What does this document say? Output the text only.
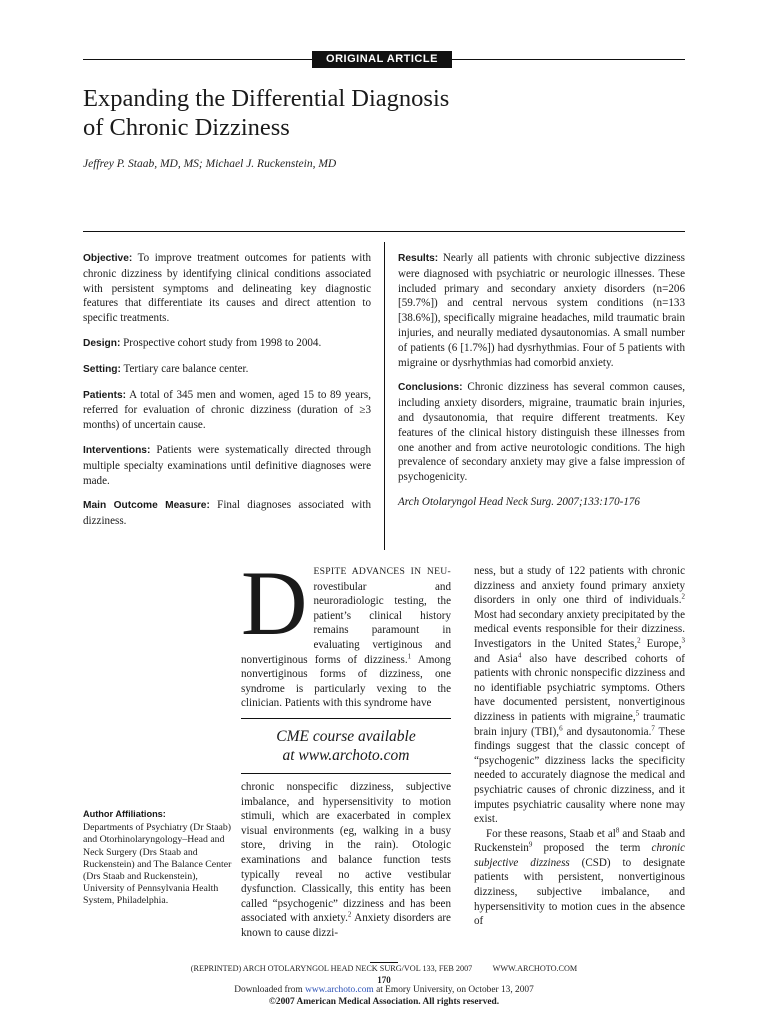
ORIGINAL ARTICLE
Expanding the Differential Diagnosis
of Chronic Dizziness
Jeffrey P. Staab, MD, MS; Michael J. Ruckenstein, MD

Objective: To improve treatment outcomes for patients with chronic dizziness by identifying clinical conditions associated with persistent symptoms and delineating key diagnostic features that differentiate its causes and direct attention to specific treatments.

Design: Prospective cohort study from 1998 to 2004.

Setting: Tertiary care balance center.

Patients: A total of 345 men and women, aged 15 to 89 years, referred for evaluation of chronic dizziness (duration of ≥3 months) of uncertain cause.

Interventions: Patients were systematically directed through multiple specialty examinations until definitive diagnoses were made.

Main Outcome Measure: Final diagnoses associated with dizziness.

Results: Nearly all patients with chronic subjective dizziness were diagnosed with psychiatric or neurologic illnesses. These included primary and secondary anxiety disorders (n=206 [59.7%]) and central nervous system conditions (n=133 [38.6%]), specifically migraine headaches, mild traumatic brain injuries, and neurally mediated dysautonomias. A small number of patients (6 [1.7%]) had dysrhythmias. Four of 5 patients with migraine or dysrhythmias had comorbid anxiety.

Conclusions: Chronic dizziness has several common causes, including anxiety disorders, migraine, traumatic brain injuries, and dysautonomia, that require different treatments. Key features of the clinical history distinguish these illnesses from one another and from active neurotologic conditions. The high prevalence of secondary anxiety may give a false impression of psychogenicity.

Arch Otolaryngol Head Neck Surg. 2007;133:170-176

DESPITE ADVANCES IN NEU-rovestibular and neuroradiologic testing, the patient’s clinical history remains paramount in evaluating vertiginous and nonvertiginous forms of dizziness.$^1$ Among nonvertiginous forms of dizziness, one syndrome is particularly vexing to the clinician. Patients with this syndrome have

CME course available
at www.archoto.com

chronic nonspecific dizziness, subjective imbalance, and hypersensitivity to motion stimuli, which are exacerbated in complex visual environments (eg, walking in a busy store, driving in the rain). Otologic examinations and balance function tests typically reveal no active vestibular dysfunction. Classically, this entity has been called “psychogenic” dizziness and has been associated with anxiety.$^2$ Anxiety disorders are known to cause dizzi-

ness, but a study of 122 patients with chronic dizziness and anxiety found primary anxiety disorders in only one third of individuals.$^2$ Most had secondary anxiety precipitated by the medical events responsible for their dizziness. Investigators in the United States,$^2$ Europe,$^3$ and Asia$^4$ also have described cohorts of patients with chronic nonspecific dizziness and no identifiable psychiatric symptoms. Others have documented persistent, nonvertiginous dizziness in patients with migraine,$^5$ traumatic brain injury (TBI),$^6$ and dysautonomia.$^7$ These findings suggest that the classic concept of “psychogenic” dizziness lacks the specificity needed to accurately diagnose the medical and psychiatric causes of chronic dizziness, and it imputes psychiatric causality where none may exist.

For these reasons, Staab et $al^8$ and Staab and Ruckenstein$^9$ proposed the term chronic subjective dizziness (CSD) to designate patients with persistent, nonvertiginous dizziness, subjective imbalance, and hypersensitivity to motion cues in the absence of

Author Affiliations:
Departments of Psychiatry (Dr Staab) and Otorhinolaryngology–Head and Neck Surgery (Drs Staab and Ruckenstein) and The Balance Center (Drs Staab and Ruckenstein), University of Pennsylvania Health System, Philadelphia.
(REPRINTED) ARCH OTOLARYNGOL HEAD NECK SURG/VOL 133, FEB 2007          WWW.ARCHOTO.COM
170
Downloaded from www.archoto.com at Emory University, on October 13, 2007
©2007 American Medical Association. All rights reserved.
